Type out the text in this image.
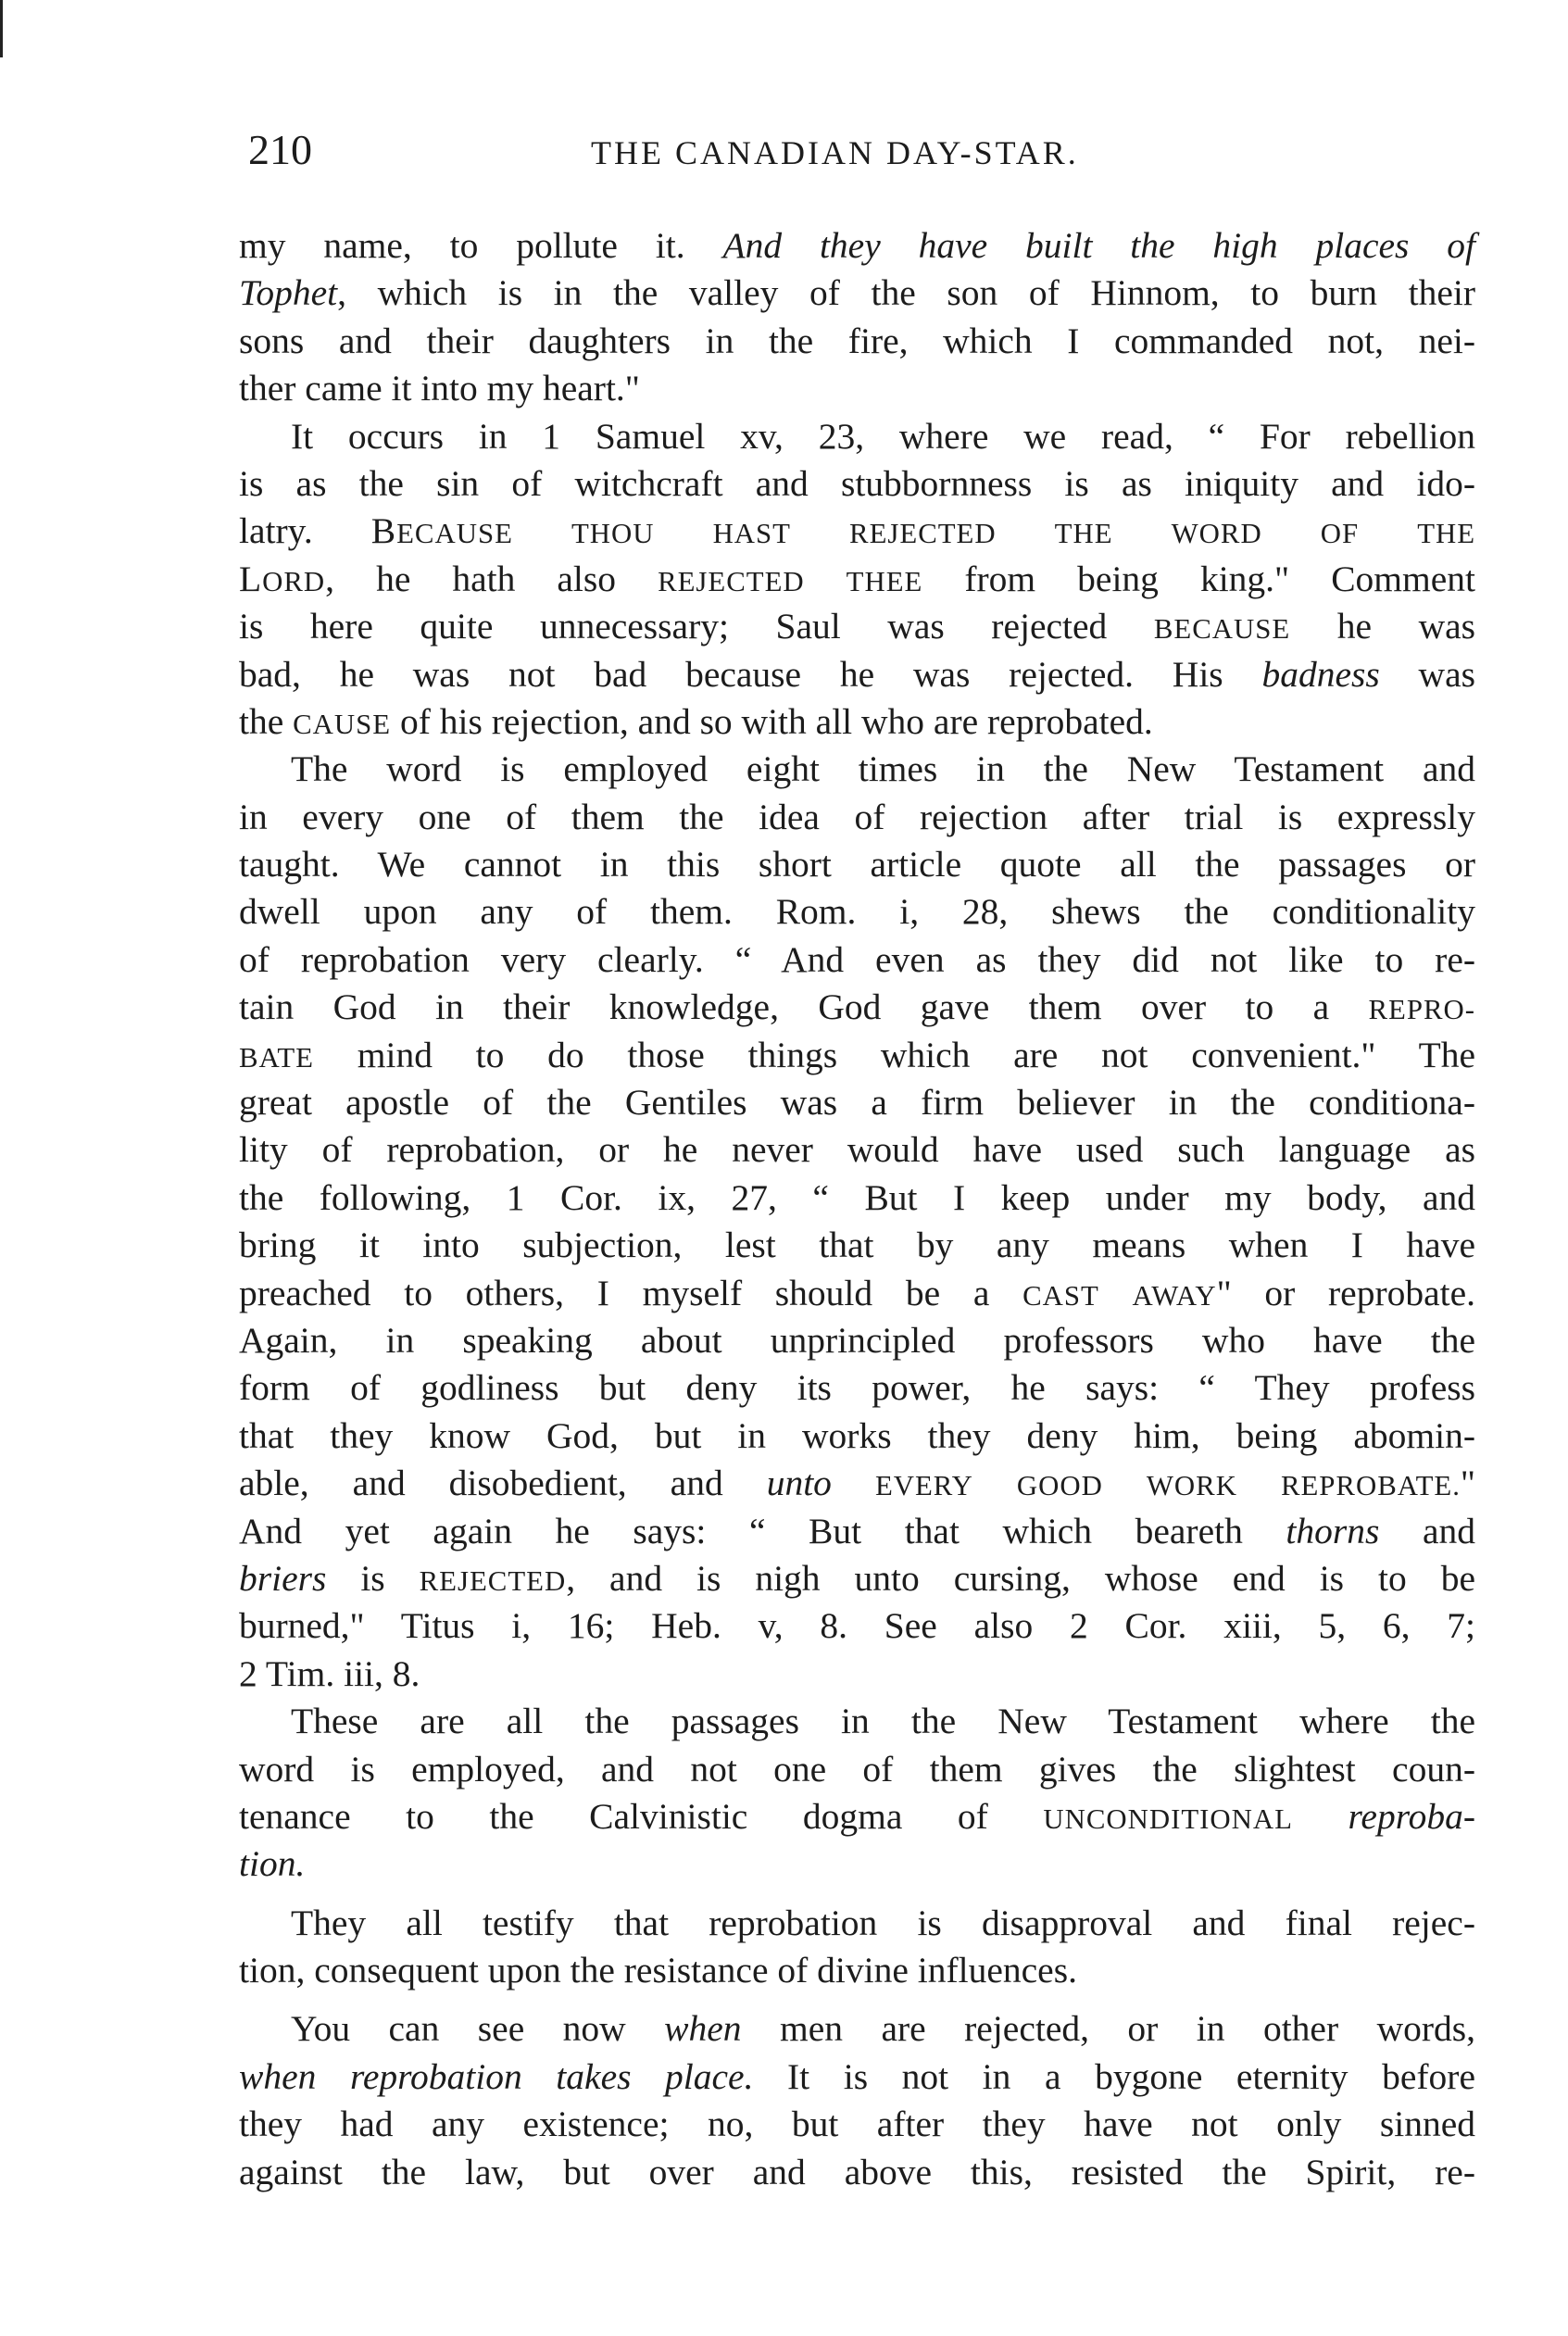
210	THE CANADIAN DAY-STAR.
my name, to pollute it. And they have built the high places of
Tophet, which is in the valley of the son of Hinnom, to burn their
sons and their daughters in the fire, which I commanded not, nei-
ther came it into my heart."
It occurs in 1 Samuel xv, 23, where we read, “ For rebellion
is as the sin of witchcraft and stubbornness is as iniquity and ido-
latry. BECAUSE THOU HAST REJECTED THE WORD OF THE
LORD, he hath also REJECTED THEE from being king." Comment
is here quite unnecessary; Saul was rejected BECAUSE he was
bad, he was not bad because he was rejected. His badness was
the CAUSE of his rejection, and so with all who are reprobated.
The word is employed eight times in the New Testament and
in every one of them the idea of rejection after trial is expressly
taught. We cannot in this short article quote all the passages or
dwell upon any of them. Rom. i, 28, shews the conditionality
of reprobation very clearly. “ And even as they did not like to re-
tain God in their knowledge, God gave them over to a REPRO-
BATE mind to do those things which are not convenient." The
great apostle of the Gentiles was a firm believer in the conditiona-
lity of reprobation, or he never would have used such language as
the following, 1 Cor. ix, 27, “ But I keep under my body, and
bring it into subjection, lest that by any means when I have
preached to others, I myself should be a CAST AWAY" or reprobate.
Again, in speaking about unprincipled professors who have the
form of godliness but deny its power, he says: “ They profess
that they know God, but in works they deny him, being abomin-
able, and disobedient, and unto EVERY GOOD WORK REPROBATE."
And yet again he says: “ But that which beareth thorns and
briers is REJECTED, and is nigh unto cursing, whose end is to be
burned," Titus i, 16; Heb. v, 8. See also 2 Cor. xiii, 5, 6, 7;
2 Tim. iii, 8.
These are all the passages in the New Testament where the
word is employed, and not one of them gives the slightest coun-
tenance to the Calvinistic dogma of UNCONDITIONAL reproba-
tion.
They all testify that reprobation is disapproval and final rejec-
tion, consequent upon the resistance of divine influences.
You can see now when men are rejected, or in other words,
when reprobation takes place. It is not in a bygone eternity before
they had any existence; no, but after they have not only sinned
against the law, but over and above this, resisted the Spirit, re-
